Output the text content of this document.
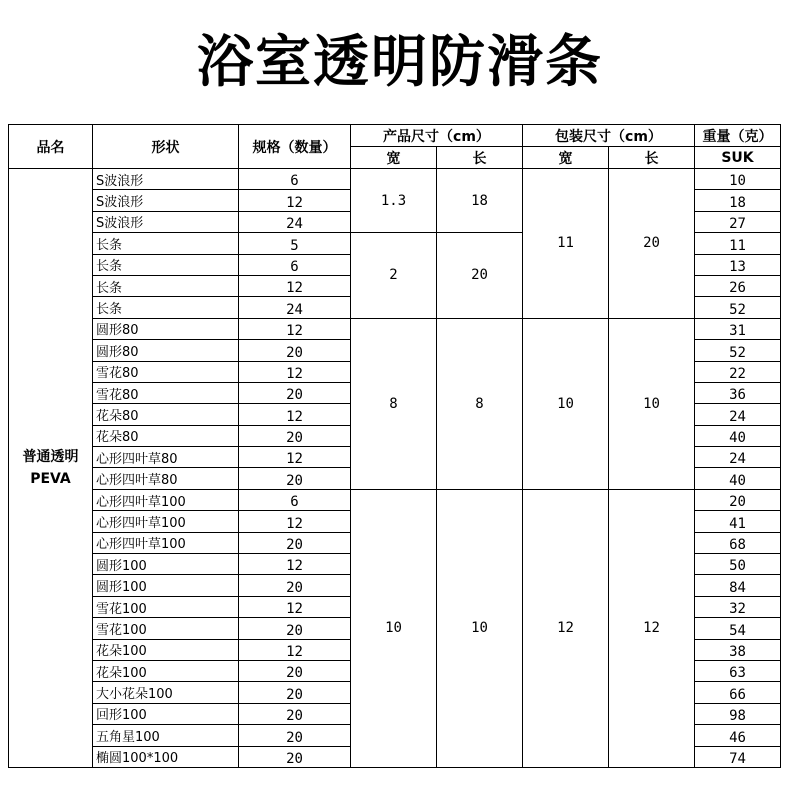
浴室透明防滑条
品名	形状	规格（数量）	产品尺寸（cm）		包装尺寸（cm）		重量（克）
			宽	长	宽	长	SUK

普通透明
PEVA	S波浪形	6	1.3	18	11	20	10
	S波浪形	12					18
	S波浪形	24					27
	长条	5	2	20			11
	长条	6					13
	长条	12					26
	长条	24					52
	圆形80	12	8	8	10	10	31
	圆形80	20					52
	雪花80	12					22
	雪花80	20					36
	花朵80	12					24
	花朵80	20					40
	心形四叶草80	12					24
	心形四叶草80	20					40
	心形四叶草100	6	10	10	12	12	20
	心形四叶草100	12					41
	心形四叶草100	20					68
	圆形100	12					50
	圆形100	20					84
	雪花100	12					32
	雪花100	20					54
	花朵100	12					38
	花朵100	20					63
	大小花朵100	20					66
	回形100	20					98
	五角星100	20					46
	椭圆100*100	20					74
